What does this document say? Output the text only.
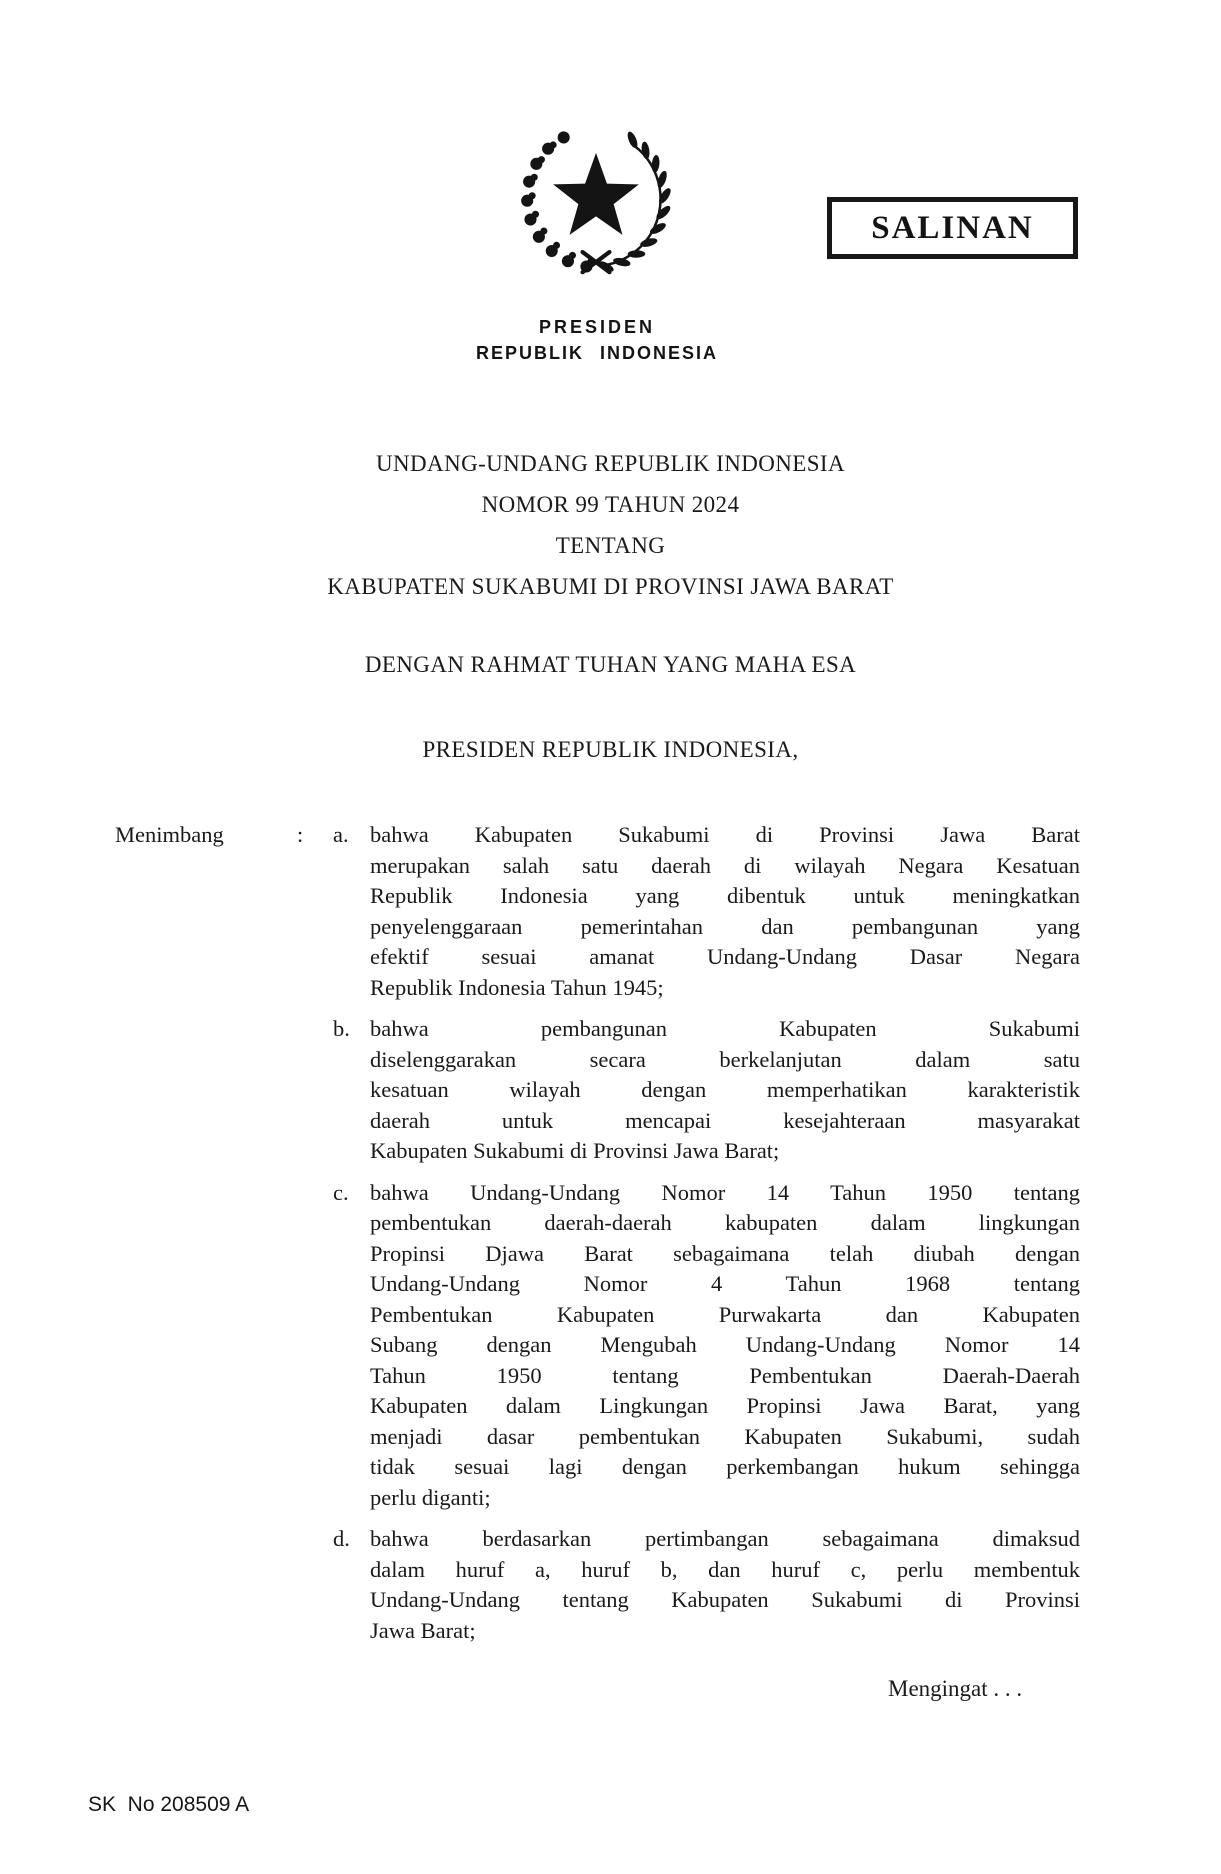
PRESIDEN
REPUBLIK INDONESIA
SALINAN
UNDANG-UNDANG REPUBLIK INDONESIA
NOMOR 99 TAHUN 2024
TENTANG
KABUPATEN SUKABUMI DI PROVINSI JAWA BARAT
DENGAN RAHMAT TUHAN YANG MAHA ESA
PRESIDEN REPUBLIK INDONESIA,
Menimbang	:	a. bahwa Kabupaten Sukabumi di Provinsi Jawa Barat
merupakan salah satu daerah di wilayah Negara Kesatuan
Republik Indonesia yang dibentuk untuk meningkatkan
penyelenggaraan pemerintahan dan pembangunan yang
efektif sesuai amanat Undang-Undang Dasar Negara
Republik Indonesia Tahun 1945;
b. bahwa pembangunan Kabupaten Sukabumi
diselenggarakan secara berkelanjutan dalam satu
kesatuan wilayah dengan memperhatikan karakteristik
daerah untuk mencapai kesejahteraan masyarakat
Kabupaten Sukabumi di Provinsi Jawa Barat;
c. bahwa Undang-Undang Nomor 14 Tahun 1950 tentang
pembentukan daerah-daerah kabupaten dalam lingkungan
Propinsi Djawa Barat sebagaimana telah diubah dengan
Undang-Undang Nomor 4 Tahun 1968 tentang
Pembentukan Kabupaten Purwakarta dan Kabupaten
Subang dengan Mengubah Undang-Undang Nomor 14
Tahun 1950 tentang Pembentukan Daerah-Daerah
Kabupaten dalam Lingkungan Propinsi Jawa Barat, yang
menjadi dasar pembentukan Kabupaten Sukabumi, sudah
tidak sesuai lagi dengan perkembangan hukum sehingga
perlu diganti;
d. bahwa berdasarkan pertimbangan sebagaimana dimaksud
dalam huruf a, huruf b, dan huruf c, perlu membentuk
Undang-Undang tentang Kabupaten Sukabumi di Provinsi
Jawa Barat;
Mengingat . . .
SK  No 208509 A
